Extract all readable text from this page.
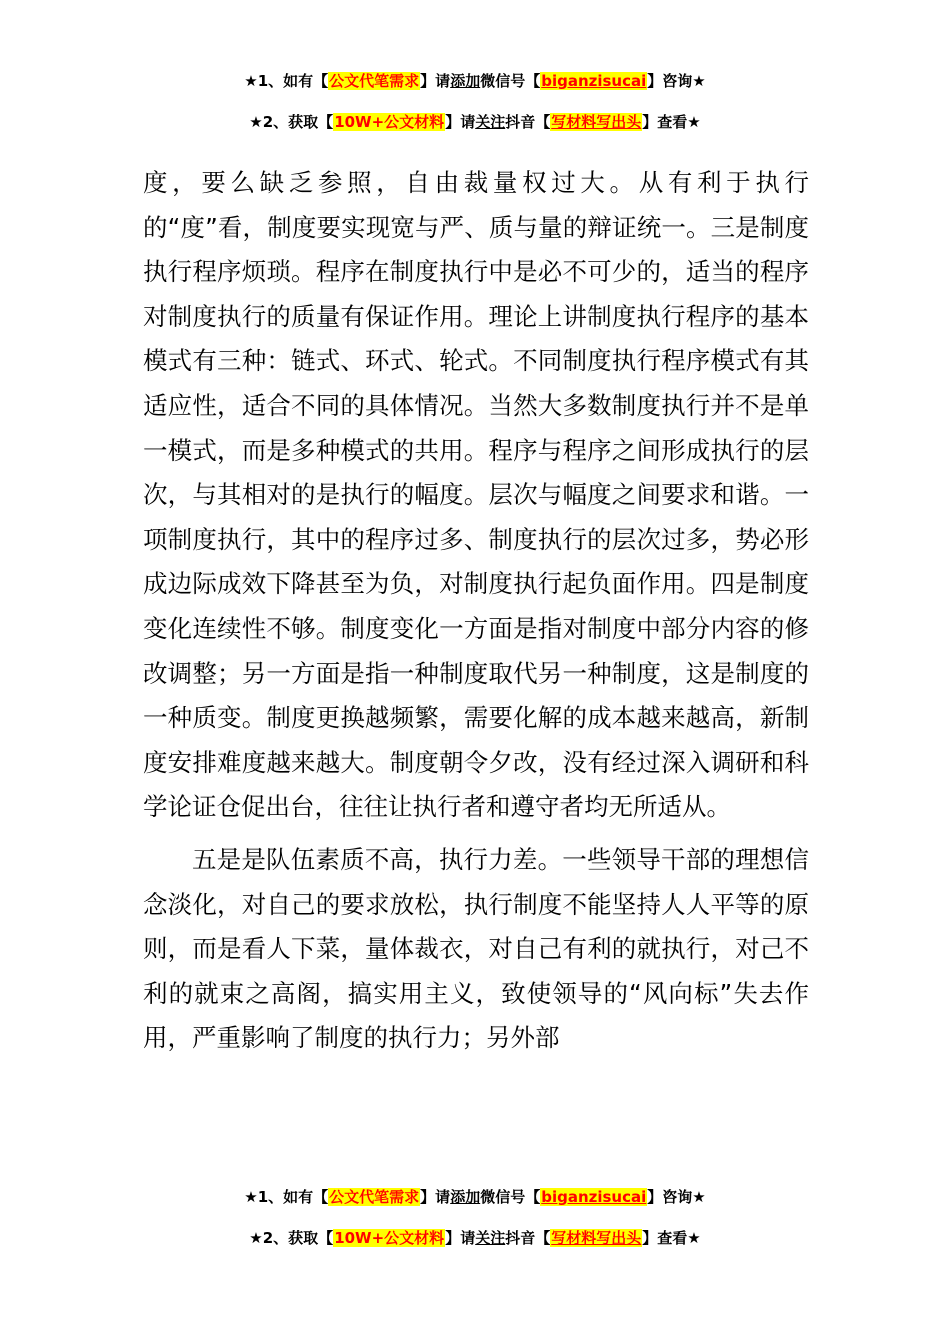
★1、如有【公文代笔需求】请添加微信号【biganzisucai】咨询★
★2、获取【10W+公文材料】请关注抖音【写材料写出头】查看★

度，要么缺乏参照，自由裁量权过大。从有利于执行的“度”看，制度要实现宽与严、质与量的辩证统一。三是制度执行程序烦琐。程序在制度执行中是必不可少的，适当的程序对制度执行的质量有保证作用。理论上讲制度执行程序的基本模式有三种：链式、环式、轮式。不同制度执行程序模式有其适应性，适合不同的具体情况。当然大多数制度执行并不是单一模式，而是多种模式的共用。程序与程序之间形成执行的层次，与其相对的是执行的幅度。层次与幅度之间要求和谐。一项制度执行，其中的程序过多、制度执行的层次过多，势必形成边际成效下降甚至为负，对制度执行起负面作用。四是制度变化连续性不够。制度变化一方面是指对制度中部分内容的修改调整；另一方面是指一种制度取代另一种制度，这是制度的一种质变。制度更换越频繁，需要化解的成本越来越高，新制度安排难度越来越大。制度朝令夕改，没有经过深入调研和科学论证仓促出台，往往让执行者和遵守者均无所适从。

五是是队伍素质不高，执行力差。一些领导干部的理想信念淡化，对自己的要求放松，执行制度不能坚持人人平等的原则，而是看人下菜，量体裁衣，对自己有利的就执行，对己不利的就束之高阁，搞实用主义，致使领导的“风向标”失去作用，严重影响了制度的执行力；另外部

★1、如有【公文代笔需求】请添加微信号【biganzisucai】咨询★
★2、获取【10W+公文材料】请关注抖音【写材料写出头】查看★
